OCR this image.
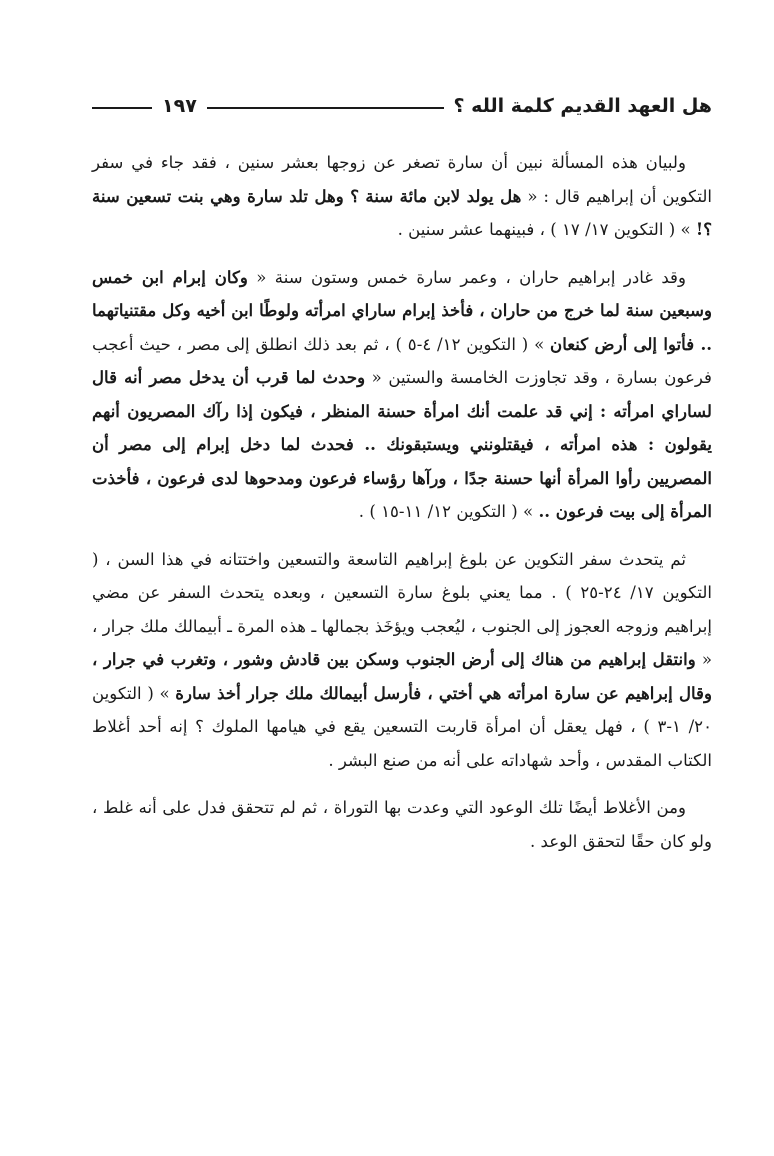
هل العهد القديم كلمة الله ؟
١٩٧

ولبيان هذه المسألة نبين أن سارة تصغر عن زوجها بعشر سنين ، فقد جاء في سفر التكوين أن إبراهيم قال : « هل يولد لابن مائة سنة ؟ وهل تلد سارة وهي بنت تسعين سنة ؟! » ( التكوين ١٧/ ١٧ ) ، فبينهما عشر سنين .

وقد غادر إبراهيم حاران ، وعمر سارة خمس وستون سنة « وكان إبرام ابن خمس وسبعين سنة لما خرج من حاران ، فأخذ إبرام ساراي امرأته ولوطًا ابن أخيه وكل مقتنياتهما .. فأتوا إلى أرض كنعان » ( التكوين ١٢/ ٤-٥ ) ، ثم بعد ذلك انطلق إلى مصر ، حيث أعجب فرعون بسارة ، وقد تجاوزت الخامسة والستين « وحدث لما قرب أن يدخل مصر أنه قال لساراي امرأته : إني قد علمت أنك امرأة حسنة المنظر ، فيكون إذا رآك المصريون أنهم يقولون : هذه امرأته ، فيقتلونني ويستبقونك .. فحدث لما دخل إبرام إلى مصر أن المصريين رأوا المرأة أنها حسنة جدًا ، ورآها رؤساء فرعون ومدحوها لدى فرعون ، فأخذت المرأة إلى بيت فرعون .. » ( التكوين ١٢/ ١١-١٥ ) .

ثم يتحدث سفر التكوين عن بلوغ إبراهيم التاسعة والتسعين واختتانه في هذا السن ، ( التكوين ١٧/ ٢٤-٢٥ ) . مما يعني بلوغ سارة التسعين ، وبعده يتحدث السفر عن مضي إبراهيم وزوجه العجوز إلى الجنوب ، ليُعجب ويؤخَذ بجمالها ـ هذه المرة ـ أبيمالك ملك جرار ، « وانتقل إبراهيم من هناك إلى أرض الجنوب وسكن بين قادش وشور ، وتغرب في جرار ، وقال إبراهيم عن سارة امرأته هي أختي ، فأرسل أبيمالك ملك جرار أخذ سارة » ( التكوين ٢٠/ ١-٣ ) ، فهل يعقل أن امرأة قاربت التسعين يقع في هيامها الملوك ؟ إنه أحد أغلاط الكتاب المقدس ، وأحد شهاداته على أنه من صنع البشر .

ومن الأغلاط أيضًا تلك الوعود التي وعدت بها التوراة ، ثم لم تتحقق فدل على أنه غلط ، ولو كان حقًا لتحقق الوعد .
